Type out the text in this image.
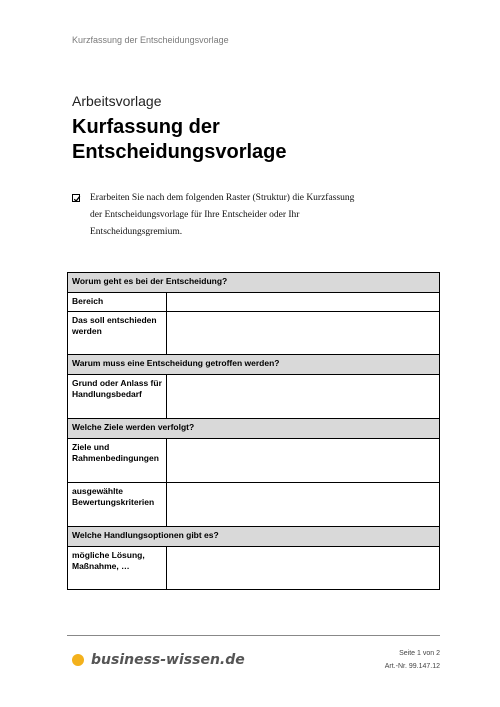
Kurzfassung der Entscheidungsvorlage
Arbeitsvorlage
Kurfassung der
Entscheidungsvorlage
Erarbeiten Sie nach dem folgenden Raster (Struktur) die Kurzfassung
der Entscheidungsvorlage für Ihre Entscheider oder Ihr
Entscheidungsgremium.
Worum geht es bei der Entscheidung?	
Bereich	
Das soll entschieden werden	
Warum muss eine Entscheidung getroffen werden?	
Grund oder Anlass für Handlungsbedarf	
Welche Ziele werden verfolgt?	
Ziele und Rahmenbedingungen	
ausgewählte Bewertungskriterien	
Welche Handlungsoptionen gibt es?	
mögliche Lösung, Maßnahme, …	
business-wissen.de	Seite 1 von 2
Art.-Nr. 99.147.12
